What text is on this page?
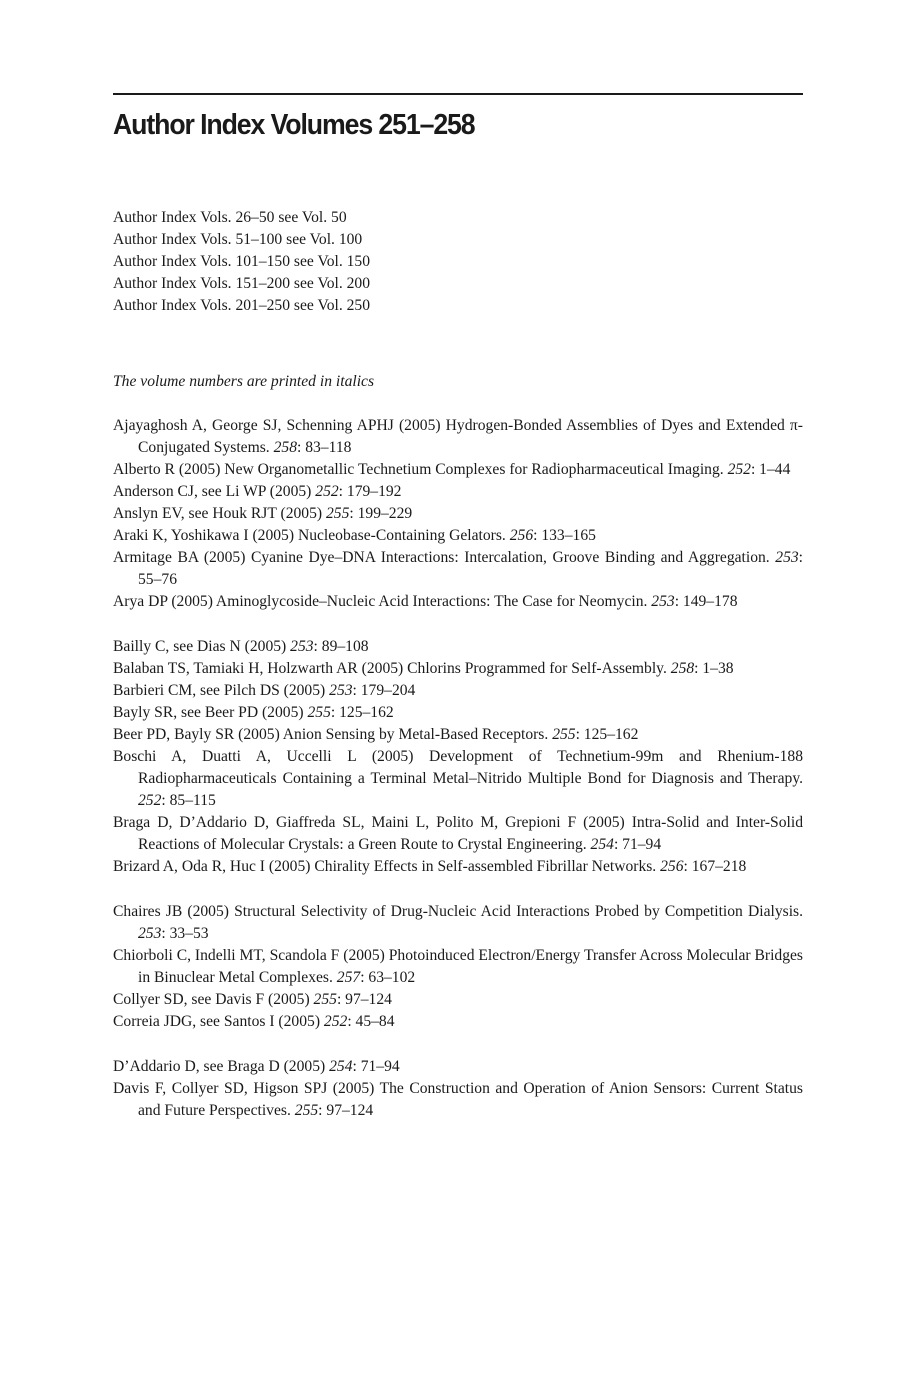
Author Index Volumes 251–258
Author Index Vols. 26–50 see Vol. 50
Author Index Vols. 51–100 see Vol. 100
Author Index Vols. 101–150 see Vol. 150
Author Index Vols. 151–200 see Vol. 200
Author Index Vols. 201–250 see Vol. 250
The volume numbers are printed in italics
Ajayaghosh A, George SJ, Schenning APHJ (2005) Hydrogen-Bonded Assemblies of Dyes and Extended π-Conjugated Systems. 258: 83–118
Alberto R (2005) New Organometallic Technetium Complexes for Radiopharmaceutical Imaging. 252: 1–44
Anderson CJ, see Li WP (2005) 252: 179–192
Anslyn EV, see Houk RJT (2005) 255: 199–229
Araki K, Yoshikawa I (2005) Nucleobase-Containing Gelators. 256: 133–165
Armitage BA (2005) Cyanine Dye–DNA Interactions: Intercalation, Groove Binding and Aggregation. 253: 55–76
Arya DP (2005) Aminoglycoside–Nucleic Acid Interactions: The Case for Neomycin. 253: 149–178
Bailly C, see Dias N (2005) 253: 89–108
Balaban TS, Tamiaki H, Holzwarth AR (2005) Chlorins Programmed for Self-Assembly. 258: 1–38
Barbieri CM, see Pilch DS (2005) 253: 179–204
Bayly SR, see Beer PD (2005) 255: 125–162
Beer PD, Bayly SR (2005) Anion Sensing by Metal-Based Receptors. 255: 125–162
Boschi A, Duatti A, Uccelli L (2005) Development of Technetium-99m and Rhenium-188 Radiopharmaceuticals Containing a Terminal Metal–Nitrido Multiple Bond for Diagnosis and Therapy. 252: 85–115
Braga D, D’Addario D, Giaffreda SL, Maini L, Polito M, Grepioni F (2005) Intra-Solid and Inter-Solid Reactions of Molecular Crystals: a Green Route to Crystal Engineering. 254: 71–94
Brizard A, Oda R, Huc I (2005) Chirality Effects in Self-assembled Fibrillar Networks. 256: 167–218
Chaires JB (2005) Structural Selectivity of Drug-Nucleic Acid Interactions Probed by Competition Dialysis. 253: 33–53
Chiorboli C, Indelli MT, Scandola F (2005) Photoinduced Electron/Energy Transfer Across Molecular Bridges in Binuclear Metal Complexes. 257: 63–102
Collyer SD, see Davis F (2005) 255: 97–124
Correia JDG, see Santos I (2005) 252: 45–84
D’Addario D, see Braga D (2005) 254: 71–94
Davis F, Collyer SD, Higson SPJ (2005) The Construction and Operation of Anion Sensors: Current Status and Future Perspectives. 255: 97–124
